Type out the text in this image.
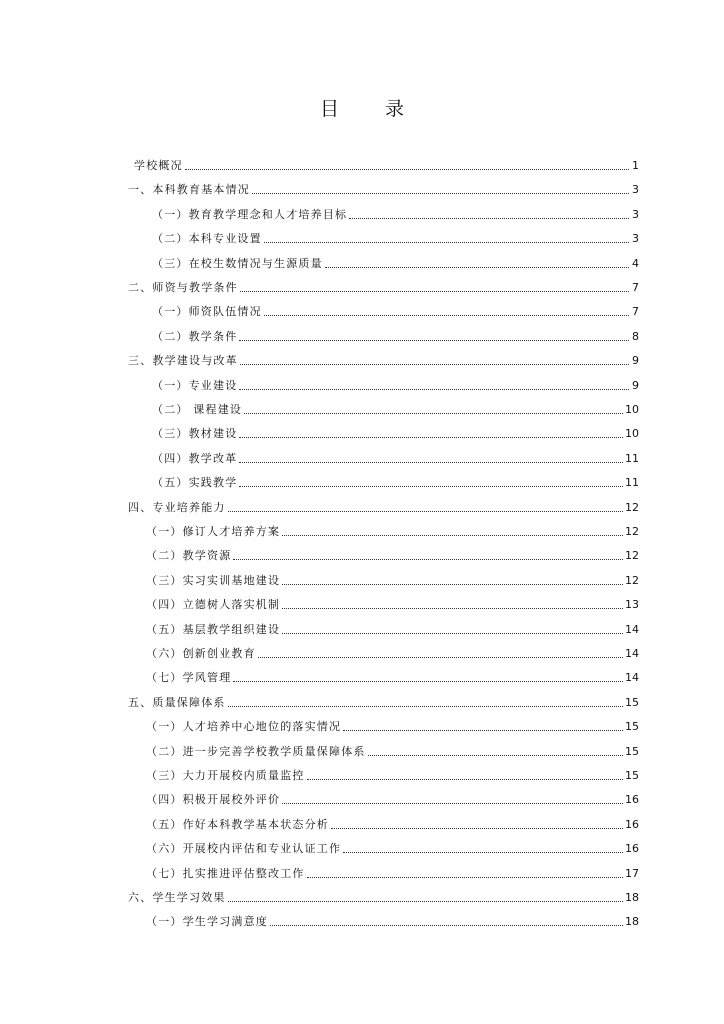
目 录
学校概况	1
一、本科教育基本情况	3
（一）教育教学理念和人才培养目标	3
（二）本科专业设置	3
（三）在校生数情况与生源质量	4
二、师资与教学条件	7
（一）师资队伍情况	7
（二）教学条件	8
三、教学建设与改革	9
（一）专业建设	9
（二） 课程建设	10
（三）教材建设	10
（四）教学改革	11
（五）实践教学	11
四、专业培养能力	12
（一）修订人才培养方案	12
（二）教学资源	12
（三）实习实训基地建设	12
（四）立德树人落实机制	13
（五）基层教学组织建设	14
（六）创新创业教育	14
（七）学风管理	14
五、质量保障体系	15
（一）人才培养中心地位的落实情况	15
（二）进一步完善学校教学质量保障体系	15
（三）大力开展校内质量监控	15
（四）积极开展校外评价	16
（五）作好本科教学基本状态分析	16
（六）开展校内评估和专业认证工作	16
（七）扎实推进评估整改工作	17
六、学生学习效果	18
（一）学生学习满意度	18
